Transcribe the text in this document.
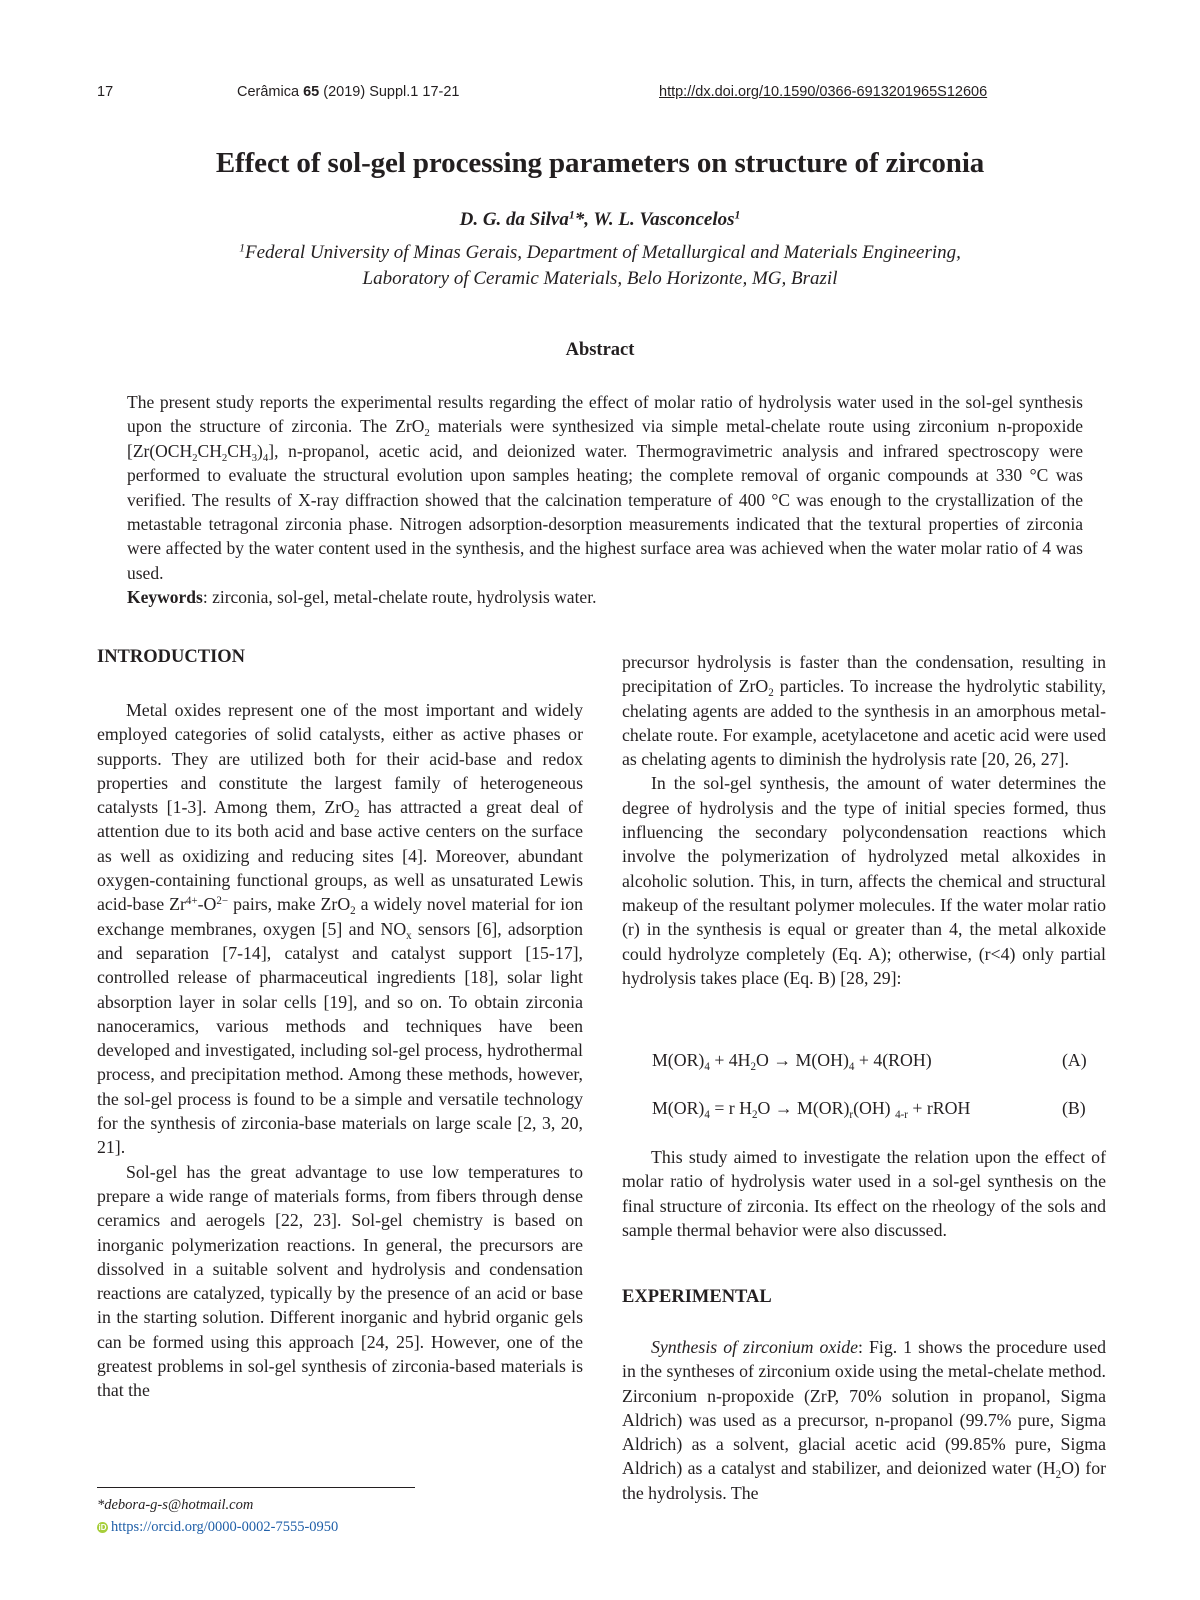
17	Cerâmica 65 (2019) Suppl.1 17-21	http://dx.doi.org/10.1590/0366-6913201965S12606
Effect of sol-gel processing parameters on structure of zirconia
D. G. da Silva$^1$*, W. L. Vasconcelos$^1$
$^1$Federal University of Minas Gerais, Department of Metallurgical and Materials Engineering,
Laboratory of Ceramic Materials, Belo Horizonte, MG, Brazil
Abstract
The present study reports the experimental results regarding the effect of molar ratio of hydrolysis water used in the sol-gel synthesis upon the structure of zirconia. The ZrO$_2$ materials were synthesized via simple metal-chelate route using zirconium n-propoxide $[Zr(OCH_2CH_2CH_3)_4]$, n-propanol, acetic acid, and deionized water. Thermogravimetric analysis and infrared spectroscopy were performed to evaluate the structural evolution upon samples heating; the complete removal of organic compounds at 330 °C was verified. The results of X-ray diffraction showed that the calcination temperature of 400 °C was enough to the crystallization of the metastable tetragonal zirconia phase. Nitrogen adsorption-desorption measurements indicated that the textural properties of zirconia were affected by the water content used in the synthesis, and the highest surface area was achieved when the water molar ratio of 4 was used.
Keywords: zirconia, sol-gel, metal-chelate route, hydrolysis water.
INTRODUCTION

Metal oxides represent one of the most important and widely employed categories of solid catalysts, either as active phases or supports. They are utilized both for their acid-base and redox properties and constitute the largest family of heterogeneous catalysts [1-3]. Among them, ZrO$_2$ has attracted a great deal of attention due to its both acid and base active centers on the surface as well as oxidizing and reducing sites [4]. Moreover, abundant oxygen-containing functional groups, as well as unsaturated Lewis acid-base $Zr^{4+}-O^{2-}$ pairs, make ZrO$_2$ a widely novel material for ion exchange membranes, oxygen [5] and $NO_x$ sensors [6], adsorption and separation [7-14], catalyst and catalyst support [15-17], controlled release of pharmaceutical ingredients [18], solar light absorption layer in solar cells [19], and so on. To obtain zirconia nanoceramics, various methods and techniques have been developed and investigated, including sol-gel process, hydrothermal process, and precipitation method. Among these methods, however, the sol-gel process is found to be a simple and versatile technology for the synthesis of zirconia-base materials on large scale [2, 3, 20, 21].

Sol-gel has the great advantage to use low temperatures to prepare a wide range of materials forms, from fibers through dense ceramics and aerogels [22, 23]. Sol-gel chemistry is based on inorganic polymerization reactions. In general, the precursors are dissolved in a suitable solvent and hydrolysis and condensation reactions are catalyzed, typically by the presence of an acid or base in the starting solution. Different inorganic and hybrid organic gels can be formed using this approach [24, 25]. However, one of the greatest problems in sol-gel synthesis of zirconia-based materials is that the

precursor hydrolysis is faster than the condensation, resulting in precipitation of ZrO$_2$ particles. To increase the hydrolytic stability, chelating agents are added to the synthesis in an amorphous metal-chelate route. For example, acetylacetone and acetic acid were used as chelating agents to diminish the hydrolysis rate [20, 26, 27].

In the sol-gel synthesis, the amount of water determines the degree of hydrolysis and the type of initial species formed, thus influencing the secondary polycondensation reactions which involve the polymerization of hydrolyzed metal alkoxides in alcoholic solution. This, in turn, affects the chemical and structural makeup of the resultant polymer molecules. If the water molar ratio (r) in the synthesis is equal or greater than 4, the metal alkoxide could hydrolyze completely (Eq. A); otherwise, (r<4) only partial hydrolysis takes place (Eq. B) [28, 29]:

$M(OR)_4 + 4H_2O \to M(OH)_4 + 4(ROH)$	(A)
$M(OR)_4 = r$ $H_2O \to M(OR)_r(OH) _{4-r}$ + rROH	(B)

This study aimed to investigate the relation upon the effect of molar ratio of hydrolysis water used in a sol-gel synthesis on the final structure of zirconia. Its effect on the rheology of the sols and sample thermal behavior were also discussed.

EXPERIMENTAL

Synthesis of zirconium oxide: Fig. 1 shows the procedure used in the syntheses of zirconium oxide using the metal-chelate method. Zirconium n-propoxide (ZrP, 70% solution in propanol, Sigma Aldrich) was used as a precursor, n-propanol (99.7% pure, Sigma Aldrich) as a solvent, glacial acetic acid (99.85% pure, Sigma Aldrich) as a catalyst and stabilizer, and deionized water $(H_2O)$ for the hydrolysis. The

*debora-g-s@hotmail.com
iD https://orcid.org/0000-0002-7555-0950
